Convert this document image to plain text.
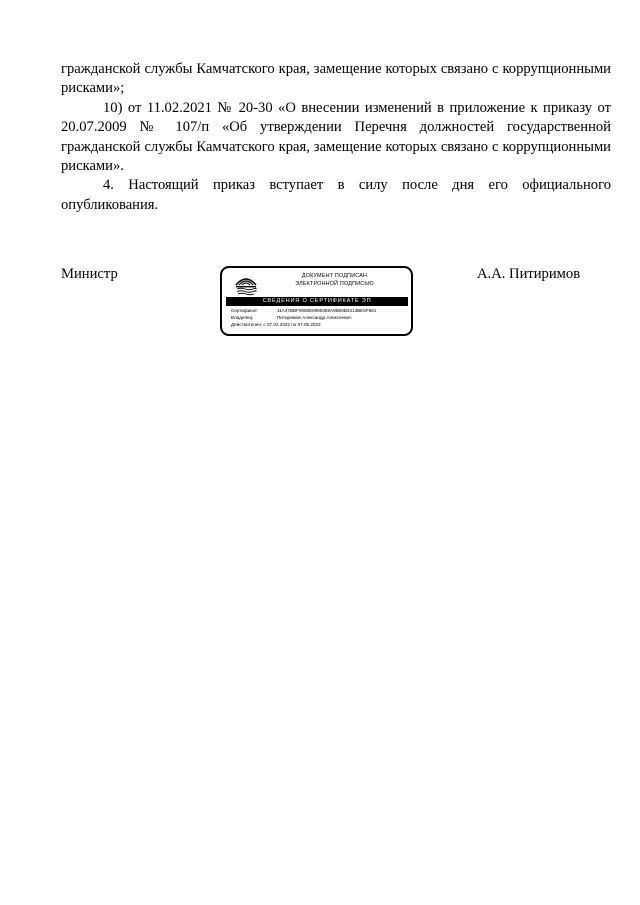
гражданской службы Камчатского края, замещение которых связано с коррупционными рисками»;

10) от 11.02.2021 № 20-30 «О внесении изменений в приложение к приказу от 20.07.2009 № 107/п «Об утверждении Перечня должностей государственной гражданской службы Камчатского края, замещение которых связано с коррупционными рисками».

4. Настоящий приказ вступает в силу после дня его официального опубликования.

Министр	А.А. Питиримов
ДОКУМЕНТ ПОДПИСАН
ЭЛЕКТРОННОЙ ПОДПИСЬЮ
СВЕДЕНИЯ О СЕРТИФИКАТЕ ЭП
Сертификат:	11A47BBF0955E8988388A95B9B3413BE5F881
Владелец:	Питиримов Александр Алексеевич
Действителен: с 07.02.2022 по 07.05.2023
